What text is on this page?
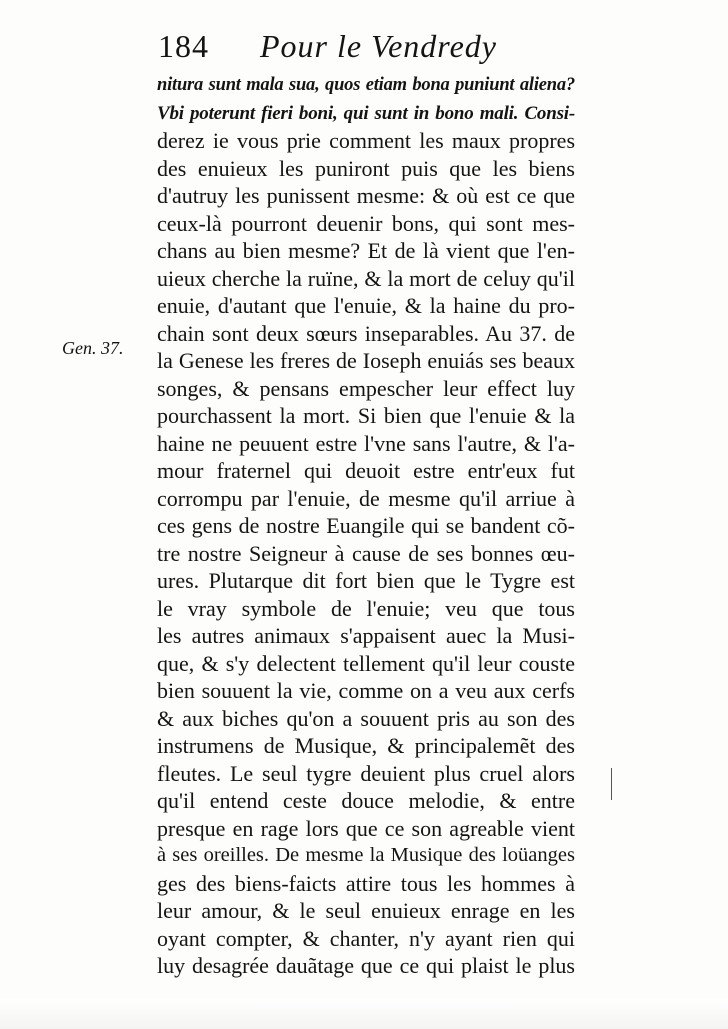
184 Pour le Vendredy
Gen. 37.
nitura sunt mala sua, quos etiam bona puniunt aliena?
Vbi poterunt fieri boni, qui sunt in bono mali. Consi-
derez ie vous prie comment les maux propres
des enuieux les puniront puis que les biens
d'autruy les punissent mesme: & où est ce que
ceux-là pourront deuenir bons, qui sont mes-
chans au bien mesme? Et de là vient que l'en-
uieux cherche la ruïne, & la mort de celuy qu'il
enuie, d'autant que l'enuie, & la haine du pro-
chain sont deux sœurs inseparables. Au 37. de
la Genese les freres de Ioseph enuiás ses beaux
songes, & pensans empescher leur effect luy
pourchassent la mort. Si bien que l'enuie & la
haine ne peuuent estre l'vne sans l'autre, & l'a-
mour fraternel qui deuoit estre entr'eux fut
corrompu par l'enuie, de mesme qu'il arriue à
ces gens de nostre Euangile qui se bandent cõ-
tre nostre Seigneur à cause de ses bonnes œu-
ures. Plutarque dit fort bien que le Tygre est
le vray symbole de l'enuie; veu que tous
les autres animaux s'appaisent auec la Musi-
que, & s'y delectent tellement qu'il leur couste
bien souuent la vie, comme on a veu aux cerfs
& aux biches qu'on a souuent pris au son des
instrumens de Musique, & principalemẽt des
fleutes. Le seul tygre deuient plus cruel alors
qu'il entend ceste douce melodie, & entre
presque en rage lors que ce son agreable vient
à ses oreilles. De mesme la Musique des loüanges
ges des biens-faicts attire tous les hommes à
leur amour, & le seul enuieux enrage en les
oyant compter, & chanter, n'y ayant rien qui
luy desagrée dauãtage que ce qui plaist le plus
